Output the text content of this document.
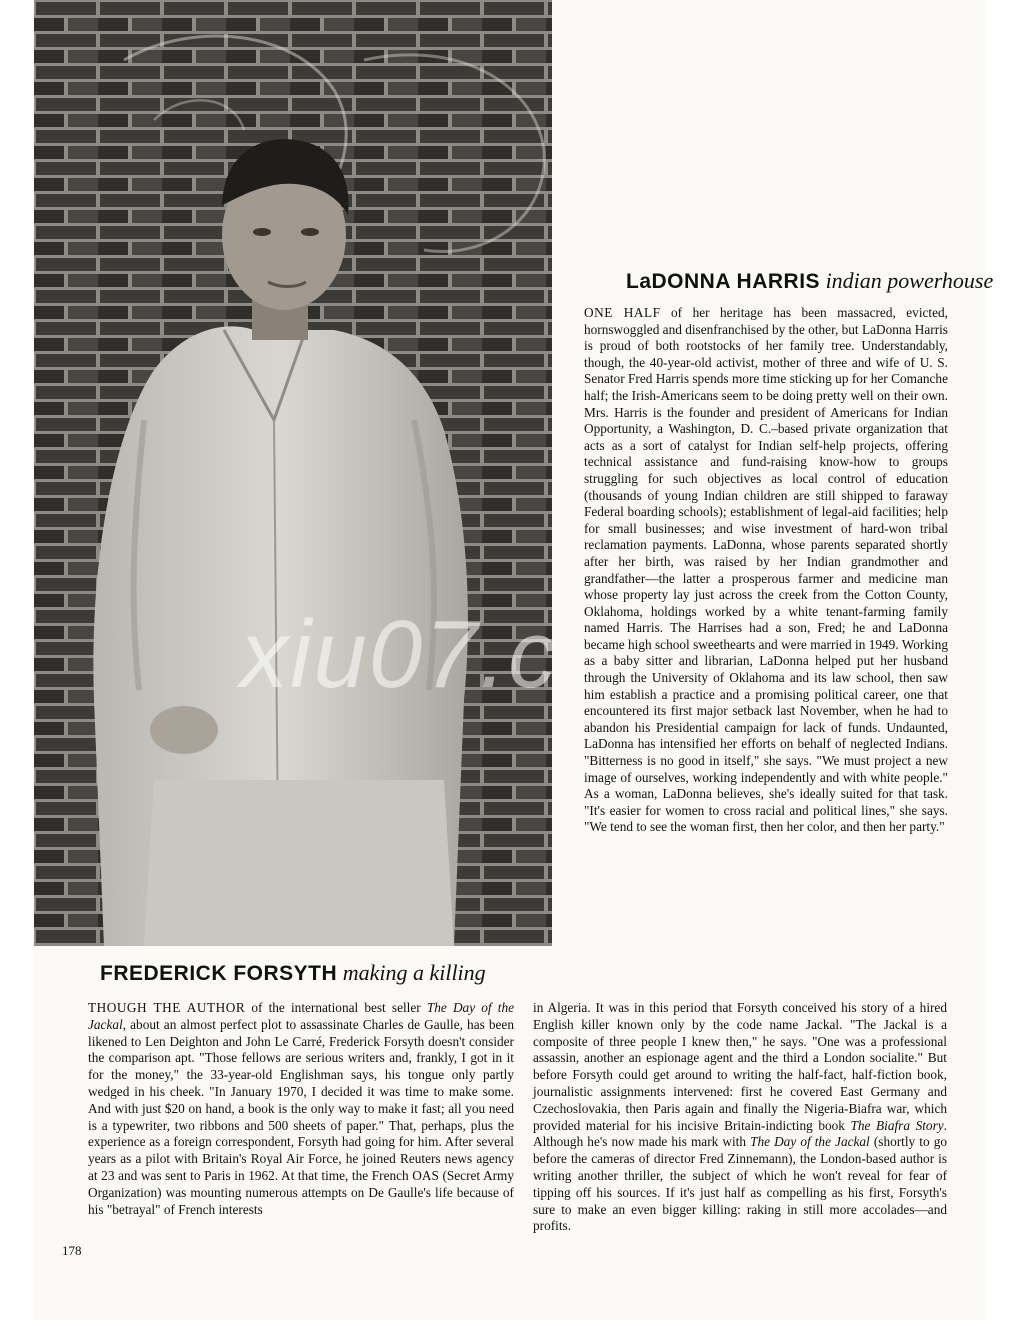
xiu07.c
LaDONNA HARRIS indian powerhouse

ONE HALF of her heritage has been massacred, evicted, hornswoggled and disenfranchised by the other, but LaDonna Harris is proud of both rootstocks of her family tree. Understandably, though, the 40-year-old activist, mother of three and wife of U. S. Senator Fred Harris spends more time sticking up for her Comanche half; the Irish-Americans seem to be doing pretty well on their own. Mrs. Harris is the founder and president of Americans for Indian Opportunity, a Washington, D. C.–based private organization that acts as a sort of catalyst for Indian self-help projects, offering technical assistance and fund-raising know-how to groups struggling for such objectives as local control of education (thousands of young Indian children are still shipped to faraway Federal boarding schools); establishment of legal-aid facilities; help for small businesses; and wise investment of hard-won tribal reclamation payments. LaDonna, whose parents separated shortly after her birth, was raised by her Indian grandmother and grandfather—the latter a prosperous farmer and medicine man whose property lay just across the creek from the Cotton County, Oklahoma, holdings worked by a white tenant-farming family named Harris. The Harrises had a son, Fred; he and LaDonna became high school sweethearts and were married in 1949. Working as a baby sitter and librarian, LaDonna helped put her husband through the University of Oklahoma and its law school, then saw him establish a practice and a promising political career, one that encountered its first major setback last November, when he had to abandon his Presidential campaign for lack of funds. Undaunted, LaDonna has intensified her efforts on behalf of neglected Indians. "Bitterness is no good in itself," she says. "We must project a new image of ourselves, working independently and with white people." As a woman, LaDonna believes, she's ideally suited for that task. "It's easier for women to cross racial and political lines," she says. "We tend to see the woman first, then her color, and then her party."

FREDERICK FORSYTH making a killing

THOUGH THE AUTHOR of the international best seller The Day of the Jackal, about an almost perfect plot to assassinate Charles de Gaulle, has been likened to Len Deighton and John Le Carré, Frederick Forsyth doesn't consider the comparison apt. "Those fellows are serious writers and, frankly, I got in it for the money," the 33-year-old Englishman says, his tongue only partly wedged in his cheek. "In January 1970, I decided it was time to make some. And with just $20 on hand, a book is the only way to make it fast; all you need is a typewriter, two ribbons and 500 sheets of paper." That, perhaps, plus the experience as a foreign correspondent, Forsyth had going for him. After several years as a pilot with Britain's Royal Air Force, he joined Reuters news agency at 23 and was sent to Paris in 1962. At that time, the French OAS (Secret Army Organization) was mounting numerous attempts on De Gaulle's life because of his "betrayal" of French interests

in Algeria. It was in this period that Forsyth conceived his story of a hired English killer known only by the code name Jackal. "The Jackal is a composite of three people I knew then," he says. "One was a professional assassin, another an espionage agent and the third a London socialite." But before Forsyth could get around to writing the half-fact, half-fiction book, journalistic assignments intervened: first he covered East Germany and Czechoslovakia, then Paris again and finally the Nigeria-Biafra war, which provided material for his incisive Britain-indicting book The Biafra Story. Although he's now made his mark with The Day of the Jackal (shortly to go before the cameras of director Fred Zinnemann), the London-based author is writing another thriller, the subject of which he won't reveal for fear of tipping off his sources. If it's just half as compelling as his first, Forsyth's sure to make an even bigger killing: raking in still more accolades—and profits.

178
